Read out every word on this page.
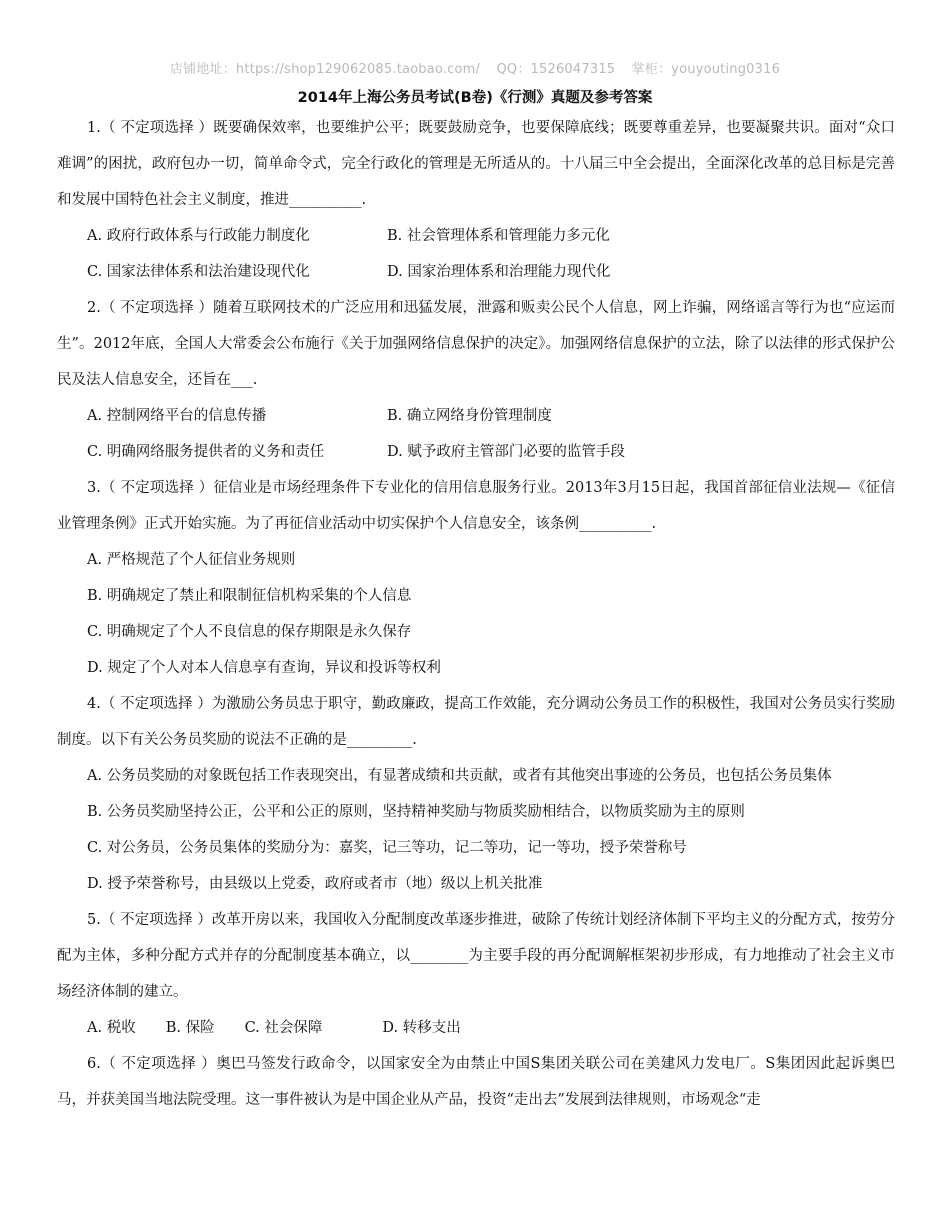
店铺地址：https://shop129062085.taobao.com/ QQ：1526047315 掌柜：youyouting0316
2014年上海公务员考试(B卷)《行测》真题及参考答案

1.（ 不定项选择 ）既要确保效率，也要维护公平；既要鼓励竞争，也要保障底线；既要尊重差异，也要凝聚共识。面对“众口难调”的困扰，政府包办一切，简单命令式，完全行政化的管理是无所适从的。十八届三中全会提出，全面深化改革的总目标是完善和发展中国特色社会主义制度，推进__________.

A. 政府行政体系与行政能力制度化	B. 社会管理体系和管理能力多元化
C. 国家法律体系和法治建设现代化	D. 国家治理体系和治理能力现代化

2.（ 不定项选择 ）随着互联网技术的广泛应用和迅猛发展，泄露和贩卖公民个人信息，网上诈骗，网络谣言等行为也“应运而生”。2012年底，全国人大常委会公布施行《关于加强网络信息保护的决定》。加强网络信息保护的立法，除了以法律的形式保护公民及法人信息安全，还旨在___.

A. 控制网络平台的信息传播	B. 确立网络身份管理制度
C. 明确网络服务提供者的义务和责任	D. 赋予政府主管部门必要的监管手段

3.（ 不定项选择 ）征信业是市场经理条件下专业化的信用信息服务行业。2013年3月15日起，我国首部征信业法规—《征信业管理条例》正式开始实施。为了再征信业活动中切实保护个人信息安全，该条例__________.

A. 严格规范了个人征信业务规则
B. 明确规定了禁止和限制征信机构采集的个人信息
C. 明确规定了个人不良信息的保存期限是永久保存
D. 规定了个人对本人信息享有查询，异议和投诉等权利

4.（ 不定项选择 ）为激励公务员忠于职守，勤政廉政，提高工作效能，充分调动公务员工作的积极性，我国对公务员实行奖励制度。以下有关公务员奖励的说法不正确的是_________.

A. 公务员奖励的对象既包括工作表现突出，有显著成绩和共贡献，或者有其他突出事迹的公务员，也包括公务员集体

B. 公务员奖励坚持公正，公平和公正的原则，坚持精神奖励与物质奖励相结合，以物质奖励为主的原则
C. 对公务员，公务员集体的奖励分为：嘉奖，记三等功，记二等功，记一等功，授予荣誉称号
D. 授予荣誉称号，由县级以上党委，政府或者市（地）级以上机关批准

5.（ 不定项选择 ）改革开房以来，我国收入分配制度改革逐步推进，破除了传统计划经济体制下平均主义的分配方式，按劳分配为主体，多种分配方式并存的分配制度基本确立，以________为主要手段的再分配调解框架初步形成，有力地推动了社会主义市场经济体制的建立。

A. 税收 B. 保险 C. 社会保障	D. 转移支出

6.（ 不定项选择 ）奥巴马签发行政命令，以国家安全为由禁止中国S集团关联公司在美建风力发电厂。S集团因此起诉奥巴马，并获美国当地法院受理。这一事件被认为是中国企业从产品，投资“走出去”发展到法律规则，市场观念“走
